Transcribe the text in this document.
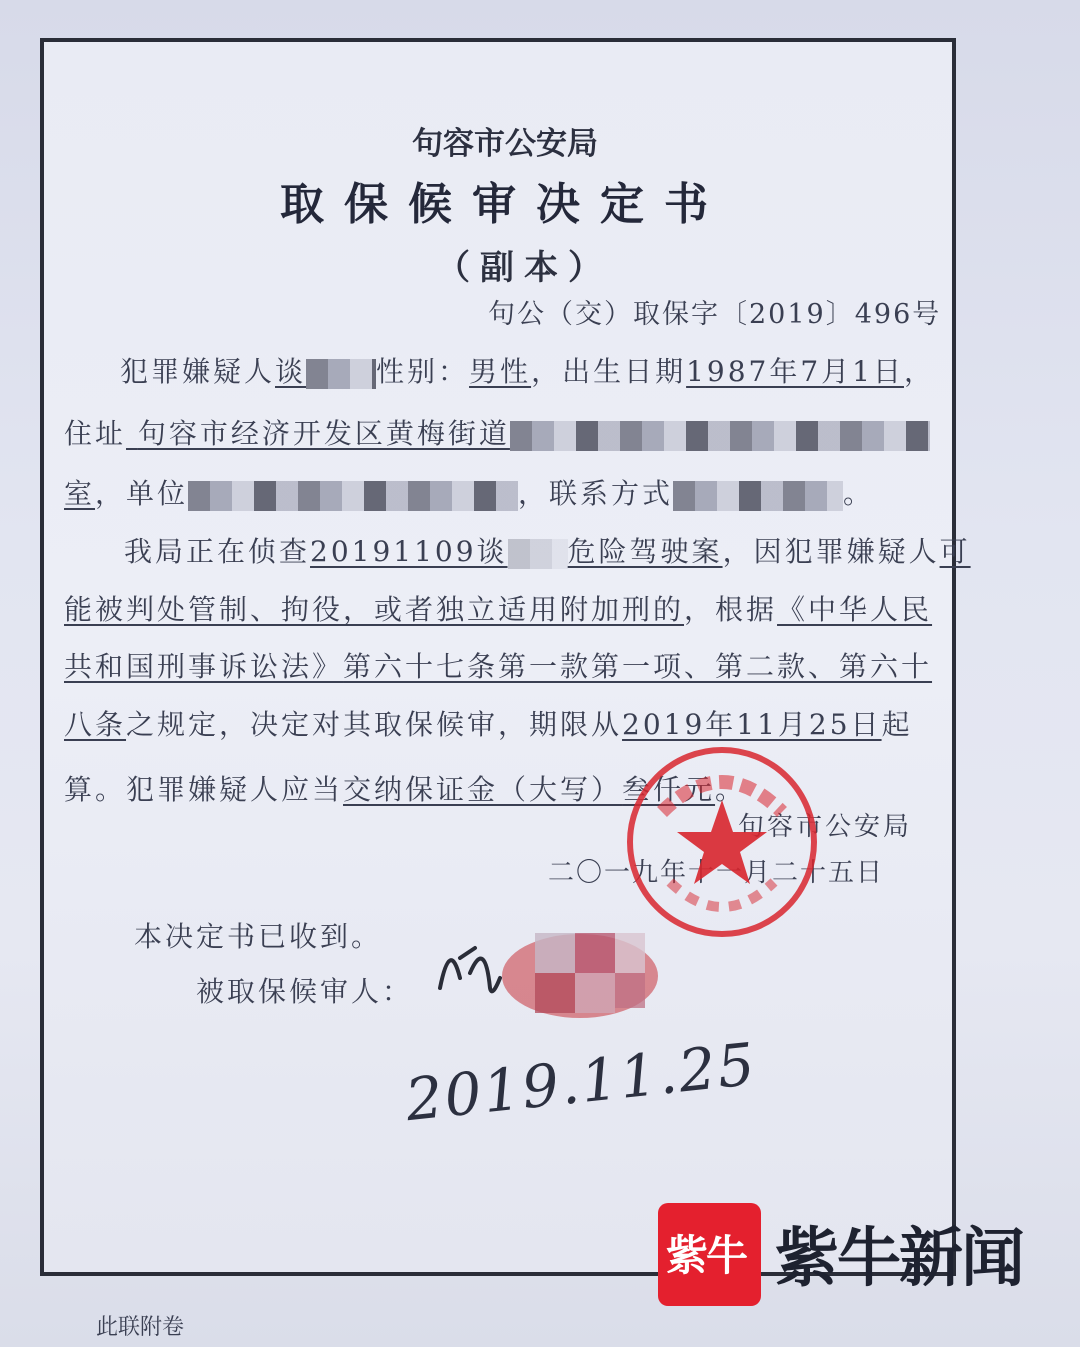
句容市公安局
取保候审决定书
（副本）
句公（交）取保字〔2019〕496号
犯罪嫌疑人谈	性别：男性，出生日期1987年7月1日，
住址 句容市经济开发区黄梅街道
室，单位	，联系方式	。
我局正在侦查20191109谈 危险驾驶案，因犯罪嫌疑人可
能被判处管制、拘役，或者独立适用附加刑的，根据《中华人民
共和国刑事诉讼法》第六十七条第一款第一项、第二款、第六十
八条之规定，决定对其取保候审，期限从2019年11月25日起
算。犯罪嫌疑人应当交纳保证金（大写）叁仟元。
句容市公安局
二〇一九年十一月二十五日
本决定书已收到。
被取保候审人：
2019.11.25
紫牛 紫牛新闻
此联附卷
